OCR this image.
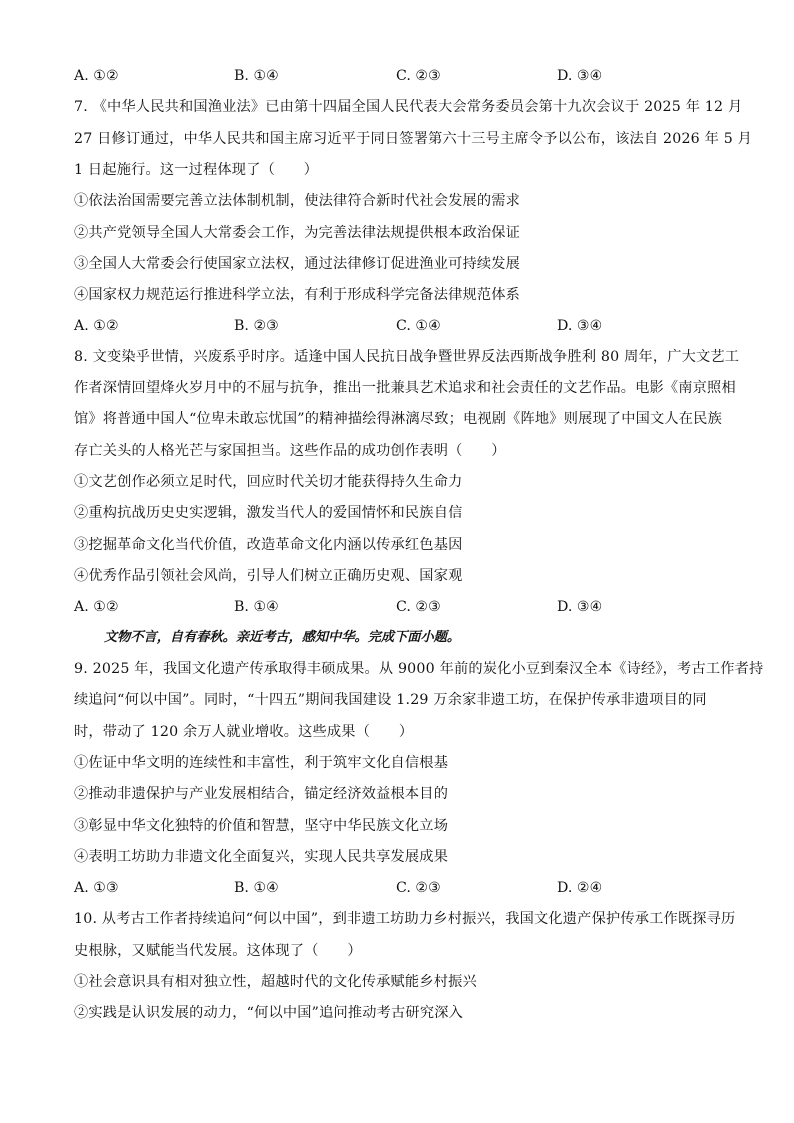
A. ①②	B. ①④	C. ②③	D. ③④
7. 《中华人民共和国渔业法》已由第十四届全国人民代表大会常务委员会第十九次会议于 2025 年 12 月
27 日修订通过，中华人民共和国主席习近平于同日签署第六十三号主席令予以公布，该法自 2026 年 5 月
1 日起施行。这一过程体现了（　　）
①依法治国需要完善立法体制机制，使法律符合新时代社会发展的需求
②共产党领导全国人大常委会工作，为完善法律法规提供根本政治保证
③全国人大常委会行使国家立法权，通过法律修订促进渔业可持续发展
④国家权力规范运行推进科学立法，有利于形成科学完备法律规范体系
A. ①②	B. ②③	C. ①④	D. ③④
8. 文变染乎世情，兴废系乎时序。适逢中国人民抗日战争暨世界反法西斯战争胜利 80 周年，广大文艺工
作者深情回望烽火岁月中的不屈与抗争，推出一批兼具艺术追求和社会责任的文艺作品。电影《南京照相
馆》将普通中国人“位卑未敢忘忧国”的精神描绘得淋漓尽致；电视剧《阵地》则展现了中国文人在民族
存亡关头的人格光芒与家国担当。这些作品的成功创作表明（　　）
①文艺创作必须立足时代，回应时代关切才能获得持久生命力
②重构抗战历史史实逻辑，激发当代人的爱国情怀和民族自信
③挖掘革命文化当代价值，改造革命文化内涵以传承红色基因
④优秀作品引领社会风尚，引导人们树立正确历史观、国家观
A. ①②	B. ①④	C. ②③	D. ③④
文物不言，自有春秋。亲近考古，感知中华。完成下面小题。
9. 2025 年，我国文化遗产传承取得丰硕成果。从 9000 年前的炭化小豆到秦汉全本《诗经》，考古工作者持
续追问“何以中国”。同时，“十四五”期间我国建设 1.29 万余家非遗工坊，在保护传承非遗项目的同
时，带动了 120 余万人就业增收。这些成果（　　）
①佐证中华文明的连续性和丰富性，利于筑牢文化自信根基
②推动非遗保护与产业发展相结合，锚定经济效益根本目的
③彰显中华文化独特的价值和智慧，坚守中华民族文化立场
④表明工坊助力非遗文化全面复兴，实现人民共享发展成果
A. ①③	B. ①④	C. ②③	D. ②④
10. 从考古工作者持续追问“何以中国”，到非遗工坊助力乡村振兴，我国文化遗产保护传承工作既探寻历
史根脉，又赋能当代发展。这体现了（　　）
①社会意识具有相对独立性，超越时代的文化传承赋能乡村振兴
②实践是认识发展的动力，“何以中国”追问推动考古研究深入
